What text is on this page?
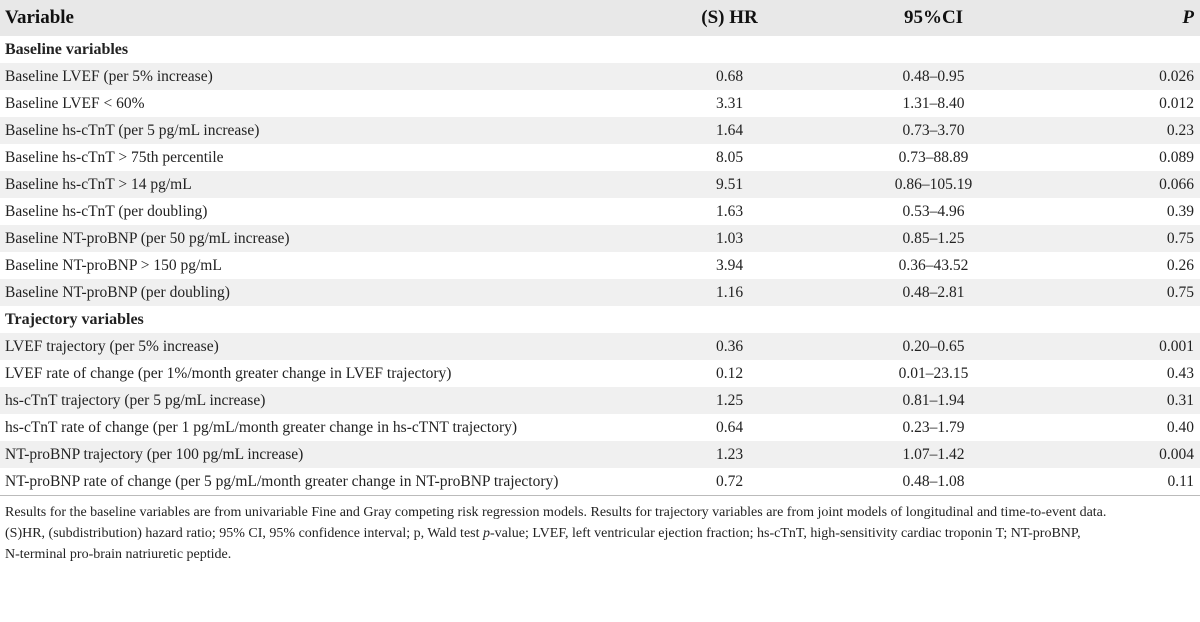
Variable	(S) HR	95%CI	P
Baseline variables			
Baseline LVEF (per 5% increase)	0.68	0.48–0.95	0.026
Baseline LVEF < 60%	3.31	1.31–8.40	0.012
Baseline hs-cTnT (per 5 pg/mL increase)	1.64	0.73–3.70	0.23
Baseline hs-cTnT > 75th percentile	8.05	0.73–88.89	0.089
Baseline hs-cTnT > 14 pg/mL	9.51	0.86–105.19	0.066
Baseline hs-cTnT (per doubling)	1.63	0.53–4.96	0.39
Baseline NT-proBNP (per 50 pg/mL increase)	1.03	0.85–1.25	0.75
Baseline NT-proBNP > 150 pg/mL	3.94	0.36–43.52	0.26
Baseline NT-proBNP (per doubling)	1.16	0.48–2.81	0.75
Trajectory variables			
LVEF trajectory (per 5% increase)	0.36	0.20–0.65	0.001
LVEF rate of change (per 1%/month greater change in LVEF trajectory)	0.12	0.01–23.15	0.43
hs-cTnT trajectory (per 5 pg/mL increase)	1.25	0.81–1.94	0.31
hs-cTnT rate of change (per 1 pg/mL/month greater change in hs-cTNT trajectory)	0.64	0.23–1.79	0.40
NT-proBNP trajectory (per 100 pg/mL increase)	1.23	1.07–1.42	0.004
NT-proBNP rate of change (per 5 pg/mL/month greater change in NT-proBNP trajectory)	0.72	0.48–1.08	0.11
Results for the baseline variables are from univariable Fine and Gray competing risk regression models. Results for trajectory variables are from joint models of longitudinal and time-to-event data.
(S)HR, (subdistribution) hazard ratio; 95% CI, 95% confidence interval; p, Wald test p-value; LVEF, left ventricular ejection fraction; hs-cTnT, high-sensitivity cardiac troponin T; NT-proBNP,
N-terminal pro-brain natriuretic peptide.
